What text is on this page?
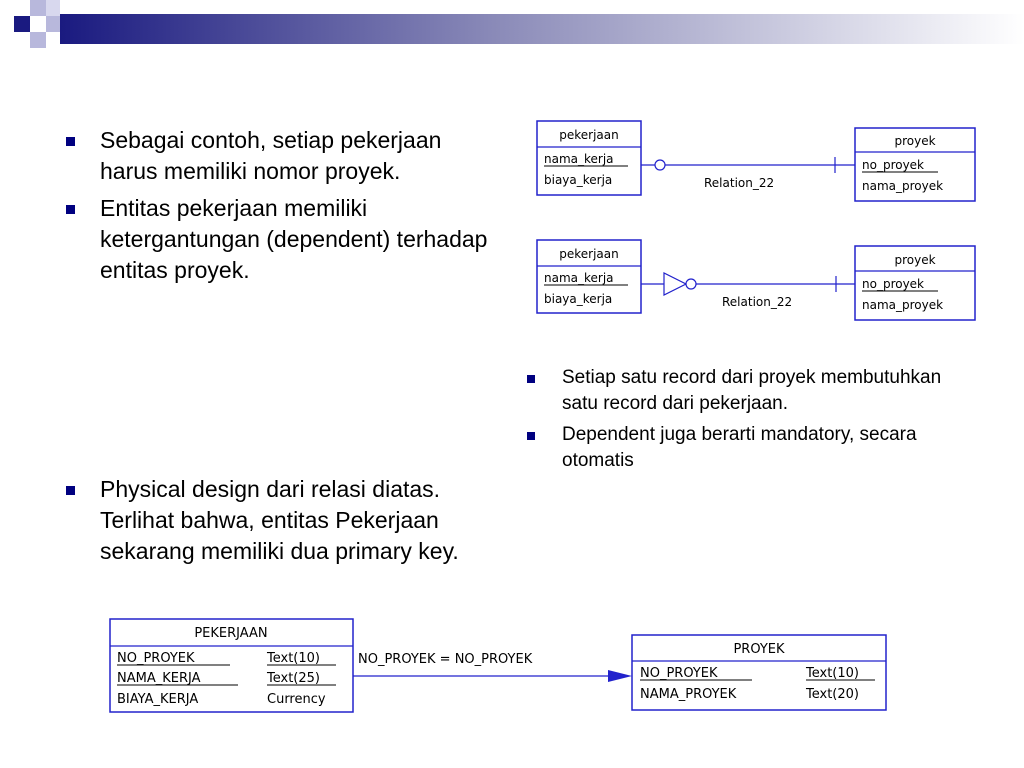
Sebagai contoh, setiap pekerjaan harus memiliki nomor proyek.
Entitas pekerjaan memiliki ketergantungan (dependent) terhadap entitas proyek.
Physical design dari relasi diatas. Terlihat bahwa, entitas Pekerjaan sekarang memiliki dua primary key.
Setiap satu record dari proyek membutuhkan satu record dari pekerjaan.
Dependent juga berarti mandatory, secara otomatis
pekerjaan
nama_kerja
biaya_kerja
proyek
no_proyek
nama_proyek
Relation_22
pekerjaan
nama_kerja
biaya_kerja
proyek
no_proyek
nama_proyek
Relation_22
PEKERJAAN
NO_PROYEK	Text(10)
NAMA_KERJA	Text(25)
BIAYA_KERJA	Currency
PROYEK
NO_PROYEK	Text(10)
NAMA_PROYEK	Text(20)
NO_PROYEK = NO_PROYEK
